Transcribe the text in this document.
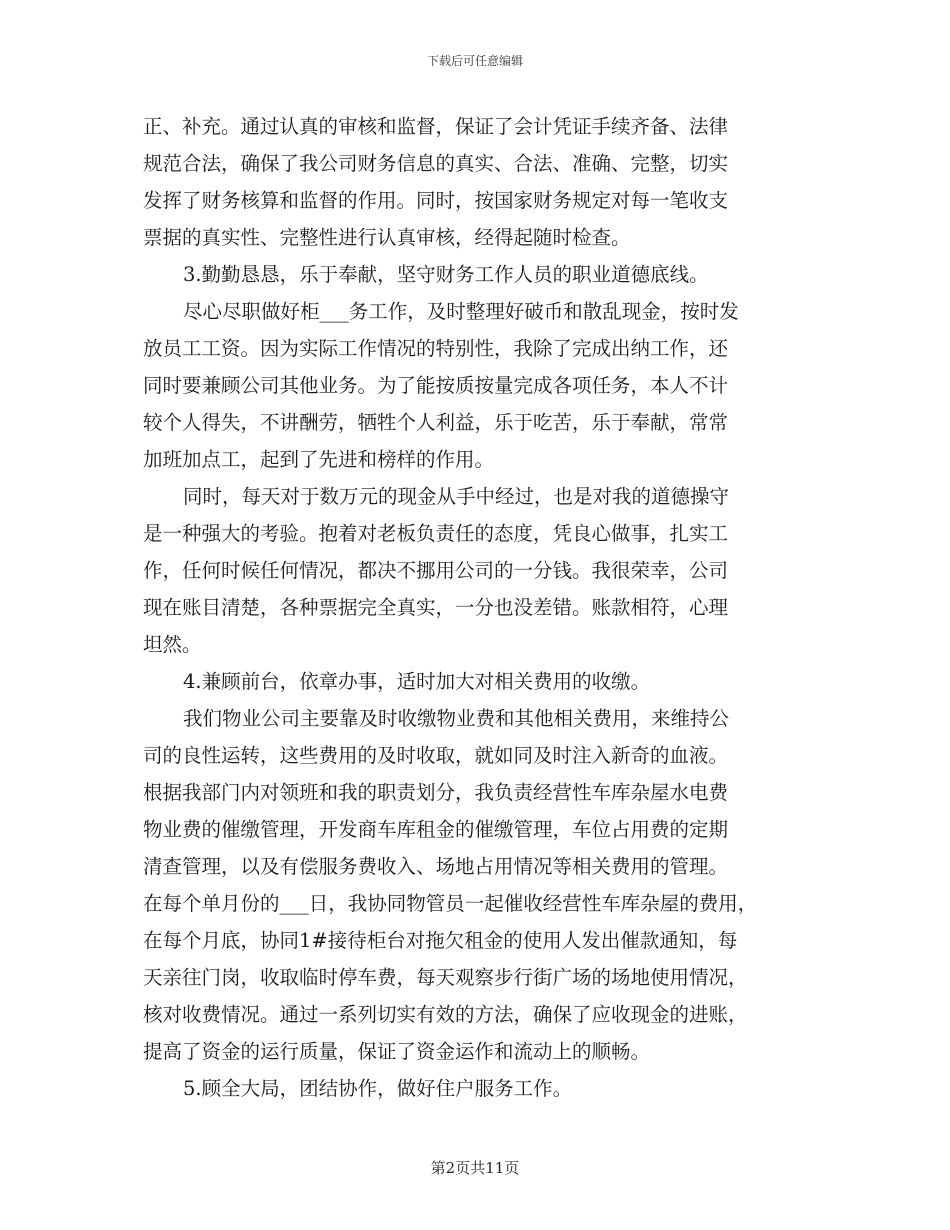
下载后可任意编辑
正、补充。通过认真的审核和监督，保证了会计凭证手续齐备、法律
规范合法，确保了我公司财务信息的真实、合法、准确、完整，切实
发挥了财务核算和监督的作用。同时，按国家财务规定对每一笔收支
票据的真实性、完整性进行认真审核，经得起随时检查。
3.勤勤恳恳，乐于奉献，坚守财务工作人员的职业道德底线。
尽心尽职做好柜___务工作，及时整理好破币和散乱现金，按时发
放员工工资。因为实际工作情况的特别性，我除了完成出纳工作，还
同时要兼顾公司其他业务。为了能按质按量完成各项任务，本人不计
较个人得失，不讲酬劳，牺牲个人利益，乐于吃苦，乐于奉献，常常
加班加点工，起到了先进和榜样的作用。
同时，每天对于数万元的现金从手中经过，也是对我的道德操守
是一种强大的考验。抱着对老板负责任的态度，凭良心做事，扎实工
作，任何时候任何情况，都决不挪用公司的一分钱。我很荣幸，公司
现在账目清楚，各种票据完全真实，一分也没差错。账款相符，心理
坦然。
4.兼顾前台，依章办事，适时加大对相关费用的收缴。
我们物业公司主要靠及时收缴物业费和其他相关费用，来维持公
司的良性运转，这些费用的及时收取，就如同及时注入新奇的血液。
根据我部门内对领班和我的职责划分，我负责经营性车库杂屋水电费
物业费的催缴管理，开发商车库租金的催缴管理，车位占用费的定期
清查管理，以及有偿服务费收入、场地占用情况等相关费用的管理。
在每个单月份的___日，我协同物管员一起催收经营性车库杂屋的费用，
在每个月底，协同1#接待柜台对拖欠租金的使用人发出催款通知，每
天亲往门岗，收取临时停车费，每天观察步行街广场的场地使用情况，
核对收费情况。通过一系列切实有效的方法，确保了应收现金的进账，
提高了资金的运行质量，保证了资金运作和流动上的顺畅。
5.顾全大局，团结协作，做好住户服务工作。
第2页共11页
